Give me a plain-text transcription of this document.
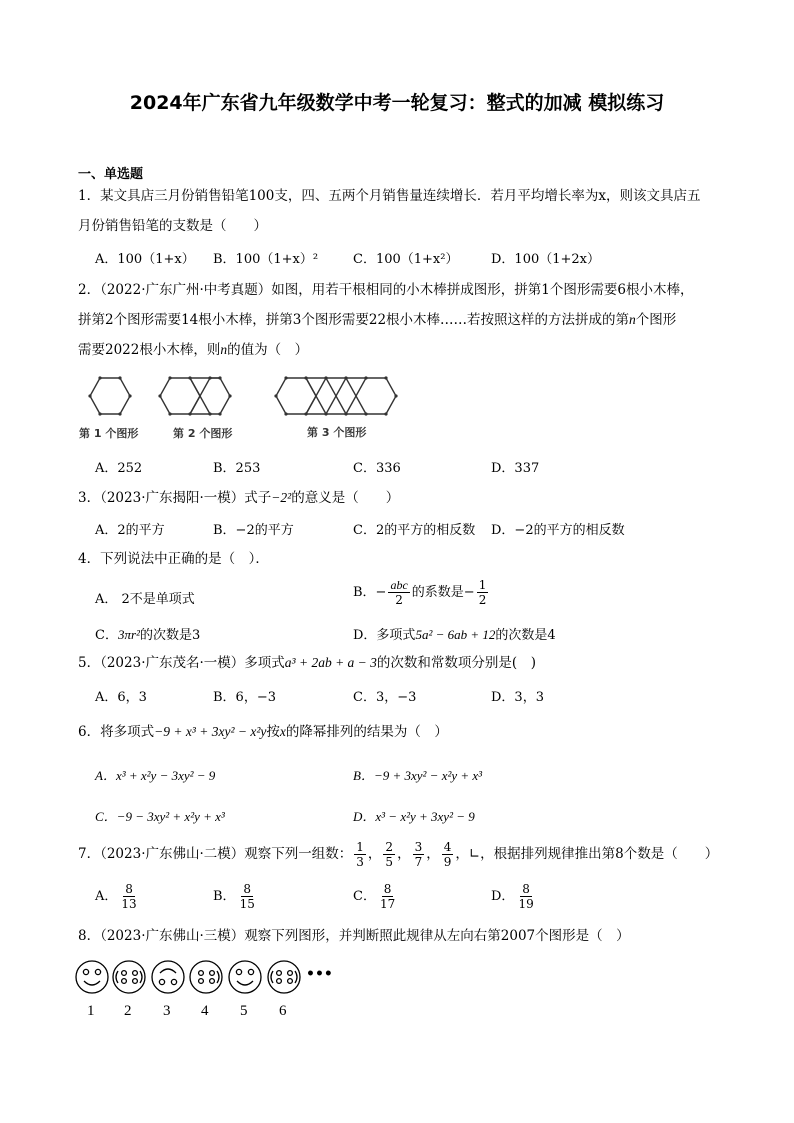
2024年广东省九年级数学中考一轮复习：整式的加减 模拟练习
一、单选题
1．某文具店三月份销售铅笔100支，四、五两个月销售量连续增长．若月平均增长率为x，则该文具店五
月份销售铅笔的支数是（　　）
A．100（1+x） B．100（1+x）²	C．100（1+x²）	D．100（1+2x）
2．（2022·广东广州·中考真题）如图，用若干根相同的小木棒拼成图形，拼第1个图形需要6根小木棒，
拼第2个图形需要14根小木棒，拼第3个图形需要22根小木棒……若按照这样的方法拼成的第n个图形
需要2022根小木棒，则n的值为（　）
第 1 个图形	第 2 个图形	第 3 个图形
A．252	B．253	C．336	D．337
3．（2023·广东揭阳·一模）式子−2²的意义是（　　）
A．2的平方	B．−2的平方	C．2的平方的相反数 D．−2的平方的相反数
4．下列说法中正确的是（　）．
A． 2不是单项式	B．− $\frac{\text{abc}}{2}$ 的系数是− $\frac{1}{2}$
C．3πr²的次数是3	D．多项式5a² − 6ab + 12的次数是4
5．（2023·广东茂名·一模）多项式a³ + 2ab + a − 3的次数和常数项分别是(　)
A．6，3	B．6，−3	C．3，−3	D．3，3
6．将多项式−9 + x³ + 3xy² − x²y按x的降幂排列的结果为（　）
A．x³ + x²y − 3xy² − 9	B．−9 + 3xy² − x²y + x³
C．−9 − 3xy² + x²y + x³	D．x³ − x²y + 3xy² − 9
7．（2023·广东佛山·二模）观察下列一组数： $\frac{1}{3}$ ， $\frac{2}{5}$ ， $\frac{3}{7}$ ， $\frac{4}{9}$ ，∟，根据排列规律推出第8个数是（　　）
A． $\frac{8}{13}$	B． $\frac{8}{15}$	C． $\frac{8}{17}$	D． $\frac{8}{19}$
8．（2023·广东佛山·三模）观察下列图形，并判断照此规律从左向右第2007个图形是（　）
•••
1 2 3 4 5 6
